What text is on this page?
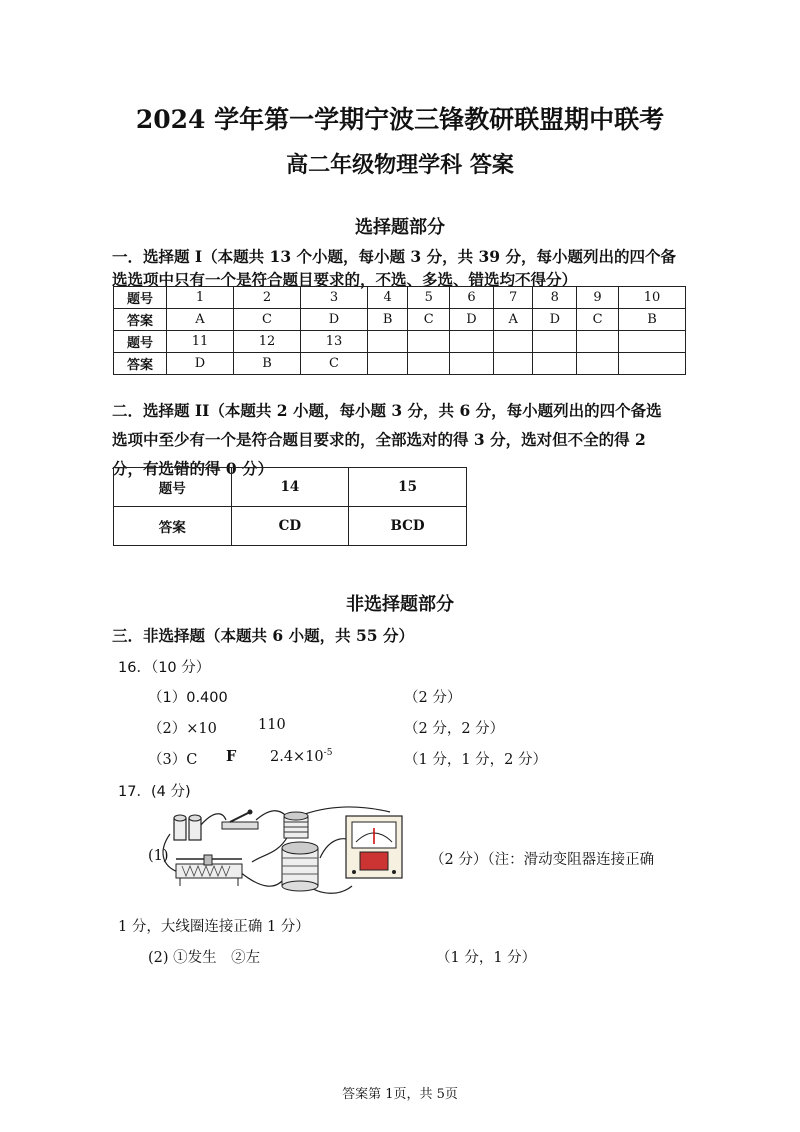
2024 学年第一学期宁波三锋教研联盟期中联考
高二年级物理学科 答案
选择题部分
一．选择题 I（本题共 13 个小题，每小题 3 分，共 39 分，每小题列出的四个备
选选项中只有一个是符合题目要求的，不选、多选、错选均不得分）
题号	1	2	3	4	5	6	7	8	9	10
答案	A	C	D	B	C	D	A	D	C	B
题号	11	12	13							
答案	D	B	C							
二．选择题 II（本题共 2 小题，每小题 3 分，共 6 分，每小题列出的四个备选
选项中至少有一个是符合题目要求的，全部选对的得 3 分，选对但不全的得 2
分，有选错的得 0 分）
题号	14	15
答案	CD	BCD
非选择题部分
三．非选择题（本题共 6 小题，共 55 分）
16．（10 分）
（1）0.400	（2 分）
（2）×10	110	（2 分，2 分）
（3）C F $2.4\times 10^{-5}$	（1 分，1 分，2 分）
17．(4 分)
(1)	（2 分）（注：滑动变阻器连接正确
1 分，大线圈连接正确 1 分）
(2) ①发生　②左	（1 分，1 分）
答案第 1页，共 5页
